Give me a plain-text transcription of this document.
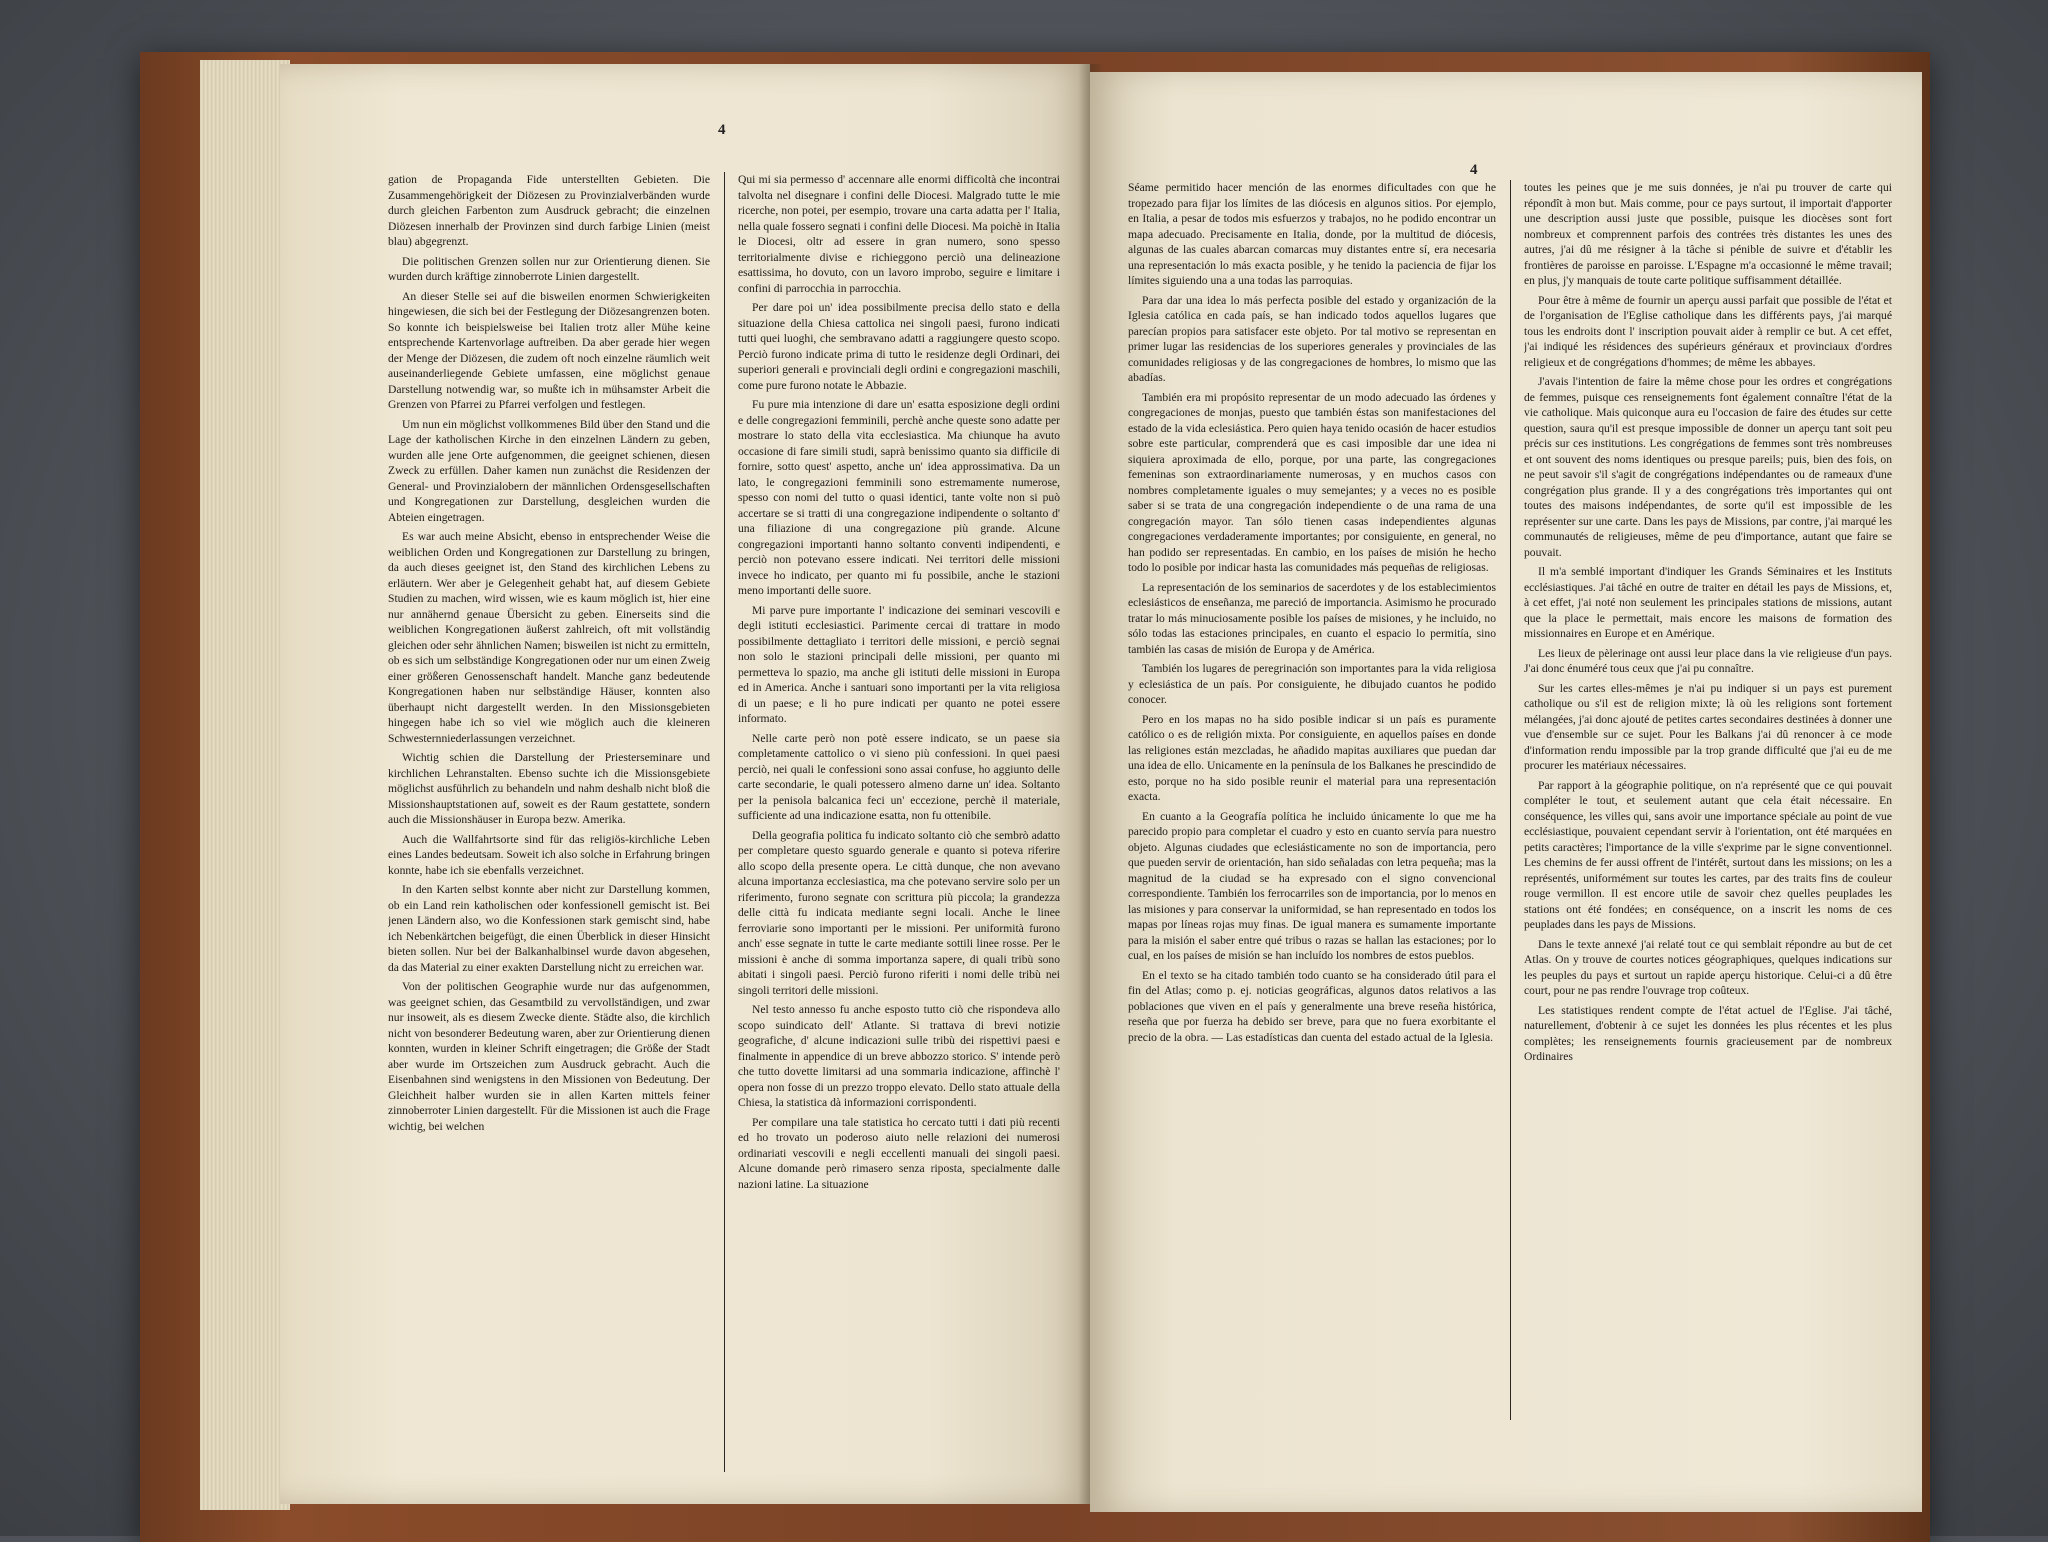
4

gation de Propaganda Fide unterstellten Gebieten. Die Zusammengehörigkeit der Diözesen zu Provinzialverbänden wurde durch gleichen Farbenton zum Ausdruck gebracht; die einzelnen Diözesen innerhalb der Provinzen sind durch farbige Linien (meist blau) abgegrenzt.

Die politischen Grenzen sollen nur zur Orientierung dienen. Sie wurden durch kräftige zinnoberrote Linien dargestellt.

An dieser Stelle sei auf die bisweilen enormen Schwierigkeiten hingewiesen, die sich bei der Festlegung der Diözesangrenzen boten. So konnte ich beispielsweise bei Italien trotz aller Mühe keine entsprechende Kartenvorlage auftreiben. Da aber gerade hier wegen der Menge der Diözesen, die zudem oft noch einzelne räumlich weit auseinanderliegende Gebiete umfassen, eine möglichst genaue Darstellung notwendig war, so mußte ich in mühsamster Arbeit die Grenzen von Pfarrei zu Pfarrei verfolgen und festlegen.

Um nun ein möglichst vollkommenes Bild über den Stand und die Lage der katholischen Kirche in den einzelnen Ländern zu geben, wurden alle jene Orte aufgenommen, die geeignet schienen, diesen Zweck zu erfüllen. Daher kamen nun zunächst die Residenzen der General- und Provinzialobern der männlichen Ordensgesellschaften und Kongregationen zur Darstellung, desgleichen wurden die Abteien eingetragen.

Es war auch meine Absicht, ebenso in entsprechender Weise die weiblichen Orden und Kongregationen zur Darstellung zu bringen, da auch dieses geeignet ist, den Stand des kirchlichen Lebens zu erläutern. Wer aber je Gelegenheit gehabt hat, auf diesem Gebiete Studien zu machen, wird wissen, wie es kaum möglich ist, hier eine nur annähernd genaue Übersicht zu geben. Einerseits sind die weiblichen Kongregationen äußerst zahlreich, oft mit vollständig gleichen oder sehr ähnlichen Namen; bisweilen ist nicht zu ermitteln, ob es sich um selbständige Kongregationen oder nur um einen Zweig einer größeren Genossenschaft handelt. Manche ganz bedeutende Kongregationen haben nur selbständige Häuser, konnten also überhaupt nicht dargestellt werden. In den Missionsgebieten hingegen habe ich so viel wie möglich auch die kleineren Schwesternniederlassungen verzeichnet.

Wichtig schien die Darstellung der Priesterseminare und kirchlichen Lehranstalten. Ebenso suchte ich die Missionsgebiete möglichst ausführlich zu behandeln und nahm deshalb nicht bloß die Missionshauptstationen auf, soweit es der Raum gestattete, sondern auch die Missionshäuser in Europa bezw. Amerika.

Auch die Wallfahrtsorte sind für das religiös-kirchliche Leben eines Landes bedeutsam. Soweit ich also solche in Erfahrung bringen konnte, habe ich sie ebenfalls verzeichnet.

In den Karten selbst konnte aber nicht zur Darstellung kommen, ob ein Land rein katholischen oder konfessionell gemischt ist. Bei jenen Ländern also, wo die Konfessionen stark gemischt sind, habe ich Nebenkärtchen beigefügt, die einen Überblick in dieser Hinsicht bieten sollen. Nur bei der Balkanhalbinsel wurde davon abgesehen, da das Material zu einer exakten Darstellung nicht zu erreichen war.

Von der politischen Geographie wurde nur das aufgenommen, was geeignet schien, das Gesamtbild zu vervollständigen, und zwar nur insoweit, als es diesem Zwecke diente. Städte also, die kirchlich nicht von besonderer Bedeutung waren, aber zur Orientierung dienen konnten, wurden in kleiner Schrift eingetragen; die Größe der Stadt aber wurde im Ortszeichen zum Ausdruck gebracht. Auch die Eisenbahnen sind wenigstens in den Missionen von Bedeutung. Der Gleichheit halber wurden sie in allen Karten mittels feiner zinnoberroter Linien dargestellt. Für die Missionen ist auch die Frage wichtig, bei welchen

Qui mi sia permesso d' accennare alle enormi difficoltà che incontrai talvolta nel disegnare i confini delle Diocesi. Malgrado tutte le mie ricerche, non potei, per esempio, trovare una carta adatta per l' Italia, nella quale fossero segnati i confini delle Diocesi. Ma poichè in Italia le Diocesi, oltr ad essere in gran numero, sono spesso territorialmente divise e richieggono perciò una delineazione esattissima, ho dovuto, con un lavoro improbo, seguire e limitare i confini di parrocchia in parrocchia.

Per dare poi un' idea possibilmente precisa dello stato e della situazione della Chiesa cattolica nei singoli paesi, furono indicati tutti quei luoghi, che sembravano adatti a raggiungere questo scopo. Perciò furono indicate prima di tutto le residenze degli Ordinari, dei superiori generali e provinciali degli ordini e congregazioni maschili, come pure furono notate le Abbazie.

Fu pure mia intenzione di dare un' esatta esposizione degli ordini e delle congregazioni femminili, perchè anche queste sono adatte per mostrare lo stato della vita ecclesiastica. Ma chiunque ha avuto occasione di fare simili studi, saprà benissimo quanto sia difficile di fornire, sotto quest' aspetto, anche un' idea approssimativa. Da un lato, le congregazioni femminili sono estremamente numerose, spesso con nomi del tutto o quasi identici, tante volte non si può accertare se si tratti di una congregazione indipendente o soltanto d' una filiazione di una congregazione più grande. Alcune congregazioni importanti hanno soltanto conventi indipendenti, e perciò non potevano essere indicati. Nei territori delle missioni invece ho indicato, per quanto mi fu possibile, anche le stazioni meno importanti delle suore.

Mi parve pure importante l' indicazione dei seminari vescovili e degli istituti ecclesiastici. Parimente cercai di trattare in modo possibilmente dettagliato i territori delle missioni, e perciò segnai non solo le stazioni principali delle missioni, per quanto mi permetteva lo spazio, ma anche gli istituti delle missioni in Europa ed in America. Anche i santuari sono importanti per la vita religiosa di un paese; e li ho pure indicati per quanto ne potei essere informato.

Nelle carte però non potè essere indicato, se un paese sia completamente cattolico o vi sieno più confessioni. In quei paesi perciò, nei quali le confessioni sono assai confuse, ho aggiunto delle carte secondarie, le quali potessero almeno darne un' idea. Soltanto per la penisola balcanica feci un' eccezione, perchè il materiale, sufficiente ad una indicazione esatta, non fu ottenibile.

Della geografia politica fu indicato soltanto ciò che sembrò adatto per completare questo sguardo generale e quanto si poteva riferire allo scopo della presente opera. Le città dunque, che non avevano alcuna importanza ecclesiastica, ma che potevano servire solo per un riferimento, furono segnate con scrittura più piccola; la grandezza delle città fu indicata mediante segni locali. Anche le linee ferroviarie sono importanti per le missioni. Per uniformità furono anch' esse segnate in tutte le carte mediante sottili linee rosse. Per le missioni è anche di somma importanza sapere, di quali tribù sono abitati i singoli paesi. Perciò furono riferiti i nomi delle tribù nei singoli territori delle missioni.

Nel testo annesso fu anche esposto tutto ciò che rispondeva allo scopo suindicato dell' Atlante. Si trattava di brevi notizie geografiche, d' alcune indicazioni sulle tribù dei rispettivi paesi e finalmente in appendice di un breve abbozzo storico. S' intende però che tutto dovette limitarsi ad una sommaria indicazione, affinchè l' opera non fosse di un prezzo troppo elevato. Dello stato attuale della Chiesa, la statistica dà informazioni corrispondenti.

Per compilare una tale statistica ho cercato tutti i dati più recenti ed ho trovato un poderoso aiuto nelle relazioni dei numerosi ordinariati vescovili e negli eccellenti manuali dei singoli paesi. Alcune domande però rimasero senza riposta, specialmente dalle nazioni latine. La situazione

4

Séame permitido hacer mención de las enormes dificultades con que he tropezado para fijar los límites de las diócesis en algunos sitios. Por ejemplo, en Italia, a pesar de todos mis esfuerzos y trabajos, no he podido encontrar un mapa adecuado. Precisamente en Italia, donde, por la multitud de diócesis, algunas de las cuales abarcan comarcas muy distantes entre sí, era necesaria una representación lo más exacta posible, y he tenido la paciencia de fijar los límites siguiendo una a una todas las parroquias.

Para dar una idea lo más perfecta posible del estado y organización de la Iglesia católica en cada país, se han indicado todos aquellos lugares que parecían propios para satisfacer este objeto. Por tal motivo se representan en primer lugar las residencias de los superiores generales y provinciales de las comunidades religiosas y de las congregaciones de hombres, lo mismo que las abadías.

También era mi propósito representar de un modo adecuado las órdenes y congregaciones de monjas, puesto que también éstas son manifestaciones del estado de la vida eclesiástica. Pero quien haya tenido ocasión de hacer estudios sobre este particular, comprenderá que es casi imposible dar une idea ni siquiera aproximada de ello, porque, por una parte, las congregaciones femeninas son extraordinariamente numerosas, y en muchos casos con nombres completamente iguales o muy semejantes; y a veces no es posible saber si se trata de una congregación independiente o de una rama de una congregación mayor. Tan sólo tienen casas independientes algunas congregaciones verdaderamente importantes; por consiguiente, en general, no han podido ser representadas. En cambio, en los países de misión he hecho todo lo posible por indicar hasta las comunidades más pequeñas de religiosas.

La representación de los seminarios de sacerdotes y de los establecimientos eclesiásticos de enseñanza, me pareció de importancia. Asimismo he procurado tratar lo más minuciosamente posible los países de misiones, y he incluido, no sólo todas las estaciones principales, en cuanto el espacio lo permitía, sino también las casas de misión de Europa y de América.

También los lugares de peregrinación son importantes para la vida religiosa y eclesiástica de un país. Por consiguiente, he dibujado cuantos he podido conocer.

Pero en los mapas no ha sido posible indicar si un país es puramente católico o es de religión mixta. Por consiguiente, en aquellos países en donde las religiones están mezcladas, he añadido mapitas auxiliares que puedan dar una idea de ello. Unicamente en la península de los Balkanes he prescindido de esto, porque no ha sido posible reunir el material para una representación exacta.

En cuanto a la Geografía política he incluido únicamente lo que me ha parecido propio para completar el cuadro y esto en cuanto servía para nuestro objeto. Algunas ciudades que eclesiásticamente no son de importancia, pero que pueden servir de orientación, han sido señaladas con letra pequeña; mas la magnitud de la ciudad se ha expresado con el signo convencional correspondiente. También los ferrocarriles son de importancia, por lo menos en las misiones y para conservar la uniformidad, se han representado en todos los mapas por líneas rojas muy finas. De igual manera es sumamente importante para la misión el saber entre qué tribus o razas se hallan las estaciones; por lo cual, en los países de misión se han incluído los nombres de estos pueblos.

En el texto se ha citado también todo cuanto se ha considerado útil para el fin del Atlas; como p. ej. noticias geográficas, algunos datos relativos a las poblaciones que viven en el país y generalmente una breve reseña histórica, reseña que por fuerza ha debido ser breve, para que no fuera exorbitante el precio de la obra. — Las estadísticas dan cuenta del estado actual de la Iglesia.

toutes les peines que je me suis données, je n'ai pu trouver de carte qui répondît à mon but. Mais comme, pour ce pays surtout, il importait d'apporter une description aussi juste que possible, puisque les diocèses sont fort nombreux et comprennent parfois des contrées très distantes les unes des autres, j'ai dû me résigner à la tâche si pénible de suivre et d'établir les frontières de paroisse en paroisse. L'Espagne m'a occasionné le même travail; en plus, j'y manquais de toute carte politique suffisamment détaillée.

Pour être à même de fournir un aperçu aussi parfait que possible de l'état et de l'organisation de l'Eglise catholique dans les différents pays, j'ai marqué tous les endroits dont l' inscription pouvait aider à remplir ce but. A cet effet, j'ai indiqué les résidences des supérieurs généraux et provinciaux d'ordres religieux et de congrégations d'hommes; de même les abbayes.

J'avais l'intention de faire la même chose pour les ordres et congrégations de femmes, puisque ces renseignements font également connaître l'état de la vie catholique. Mais quiconque aura eu l'occasion de faire des études sur cette question, saura qu'il est presque impossible de donner un aperçu tant soit peu précis sur ces institutions. Les congrégations de femmes sont très nombreuses et ont souvent des noms identiques ou presque pareils; puis, bien des fois, on ne peut savoir s'il s'agit de congrégations indépendantes ou de rameaux d'une congrégation plus grande. Il y a des congrégations très importantes qui ont toutes des maisons indépendantes, de sorte qu'il est impossible de les représenter sur une carte. Dans les pays de Missions, par contre, j'ai marqué les communautés de religieuses, même de peu d'importance, autant que faire se pouvait.

Il m'a semblé important d'indiquer les Grands Séminaires et les Instituts ecclésiastiques. J'ai tâché en outre de traiter en détail les pays de Missions, et, à cet effet, j'ai noté non seulement les principales stations de missions, autant que la place le permettait, mais encore les maisons de formation des missionnaires en Europe et en Amérique.

Les lieux de pèlerinage ont aussi leur place dans la vie religieuse d'un pays. J'ai donc énuméré tous ceux que j'ai pu connaître.

Sur les cartes elles-mêmes je n'ai pu indiquer si un pays est purement catholique ou s'il est de religion mixte; là où les religions sont fortement mélangées, j'ai donc ajouté de petites cartes secondaires destinées à donner une vue d'ensemble sur ce sujet. Pour les Balkans j'ai dû renoncer à ce mode d'information rendu impossible par la trop grande difficulté que j'ai eu de me procurer les matériaux nécessaires.

Par rapport à la géographie politique, on n'a représenté que ce qui pouvait compléter le tout, et seulement autant que cela était nécessaire. En conséquence, les villes qui, sans avoir une importance spéciale au point de vue ecclésiastique, pouvaient cependant servir à l'orientation, ont été marquées en petits caractères; l'importance de la ville s'exprime par le signe conventionnel. Les chemins de fer aussi offrent de l'intérêt, surtout dans les missions; on les a représentés, uniformément sur toutes les cartes, par des traits fins de couleur rouge vermillon. Il est encore utile de savoir chez quelles peuplades les stations ont été fondées; en conséquence, on a inscrit les noms de ces peuplades dans les pays de Missions.

Dans le texte annexé j'ai relaté tout ce qui semblait répondre au but de cet Atlas. On y trouve de courtes notices géographiques, quelques indications sur les peuples du pays et surtout un rapide aperçu historique. Celui-ci a dû être court, pour ne pas rendre l'ouvrage trop coûteux.

Les statistiques rendent compte de l'état actuel de l'Eglise. J'ai tâché, naturellement, d'obtenir à ce sujet les données les plus récentes et les plus complètes; les renseignements fournis gracieusement par de nombreux Ordinaires
